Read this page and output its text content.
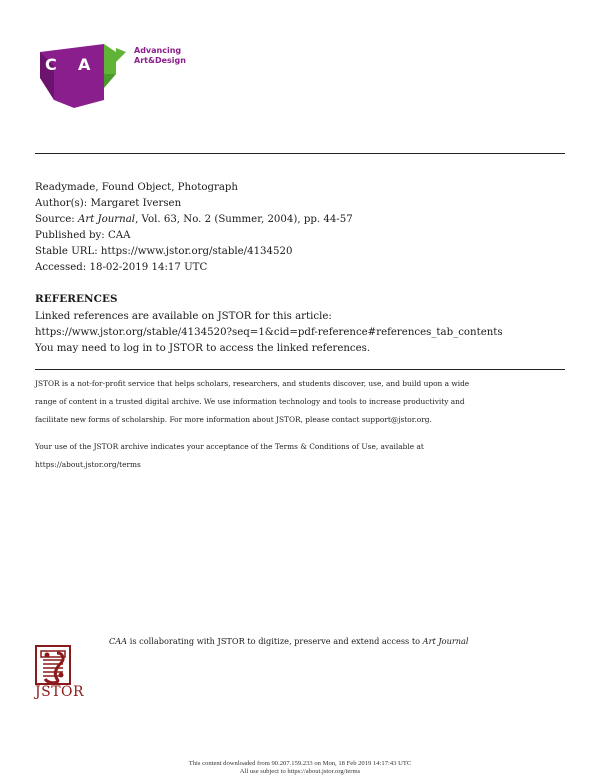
C A
A
Advancing
Art&Design
Readymade, Found Object, Photograph
Author(s): Margaret Iversen
Source: Art Journal, Vol. 63, No. 2 (Summer, 2004), pp. 44-57
Published by: CAA
Stable URL: https://www.jstor.org/stable/4134520
Accessed: 18-02-2019 14:17 UTC
REFERENCES
Linked references are available on JSTOR for this article:
https://www.jstor.org/stable/4134520?seq=1&cid=pdf-reference#references_tab_contents
You may need to log in to JSTOR to access the linked references.
JSTOR is a not-for-profit service that helps scholars, researchers, and students discover, use, and build upon a wide
range of content in a trusted digital archive. We use information technology and tools to increase productivity and
facilitate new forms of scholarship. For more information about JSTOR, please contact support@jstor.org.
Your use of the JSTOR archive indicates your acceptance of the Terms & Conditions of Use, available at
https://about.jstor.org/terms
JSTOR
CAA is collaborating with JSTOR to digitize, preserve and extend access to Art Journal
This content downloaded from 90.207.159.233 on Mon, 18 Feb 2019 14:17:43 UTC
All use subject to https://about.jstor.org/terms
